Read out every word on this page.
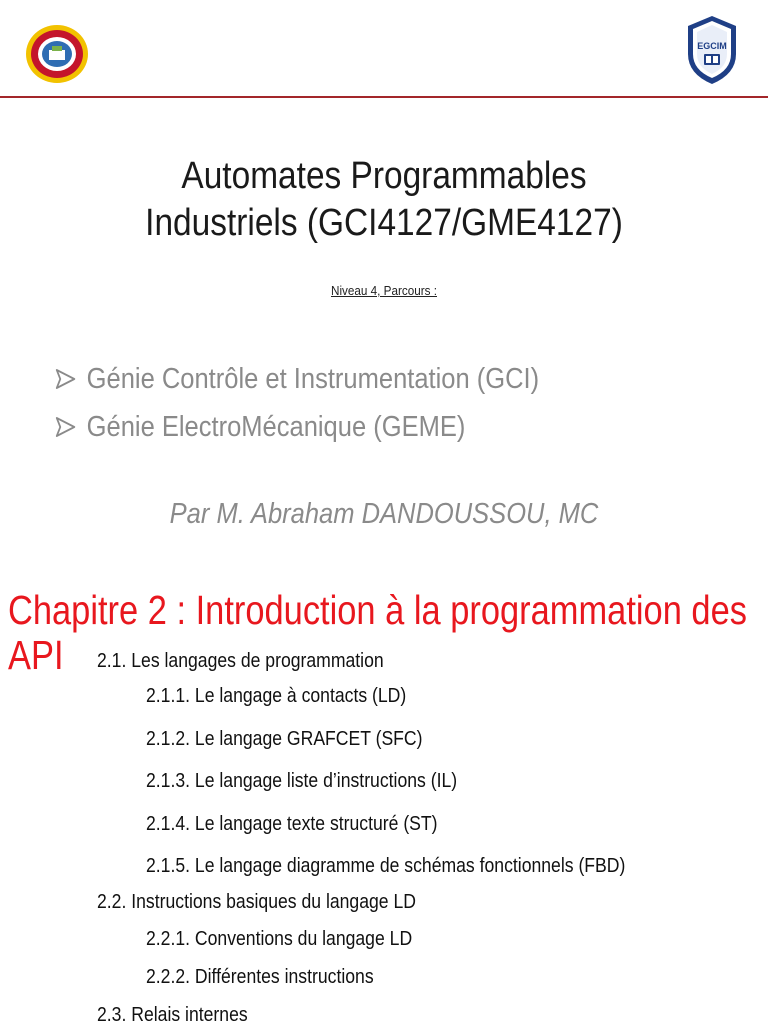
EGCIM
Automates Programmables
Industriels (GCI4127/GME4127)
Niveau 4, Parcours :
Génie Contrôle et Instrumentation (GCI)
Génie ElectroMécanique (GEME)
Par M. Abraham DANDOUSSOU, MC
Chapitre 2 : Introduction à la programmation des
API	2.1. Les langages de programmation
2.1.1. Le langage à contacts (LD)
2.1.2. Le langage GRAFCET (SFC)
2.1.3. Le langage liste d’instructions (IL)
2.1.4. Le langage texte structuré (ST)
2.1.5. Le langage diagramme de schémas fonctionnels (FBD)
2.2. Instructions basiques du langage LD
2.2.1. Conventions du langage LD
2.2.2. Différentes instructions
2.3. Relais internes
